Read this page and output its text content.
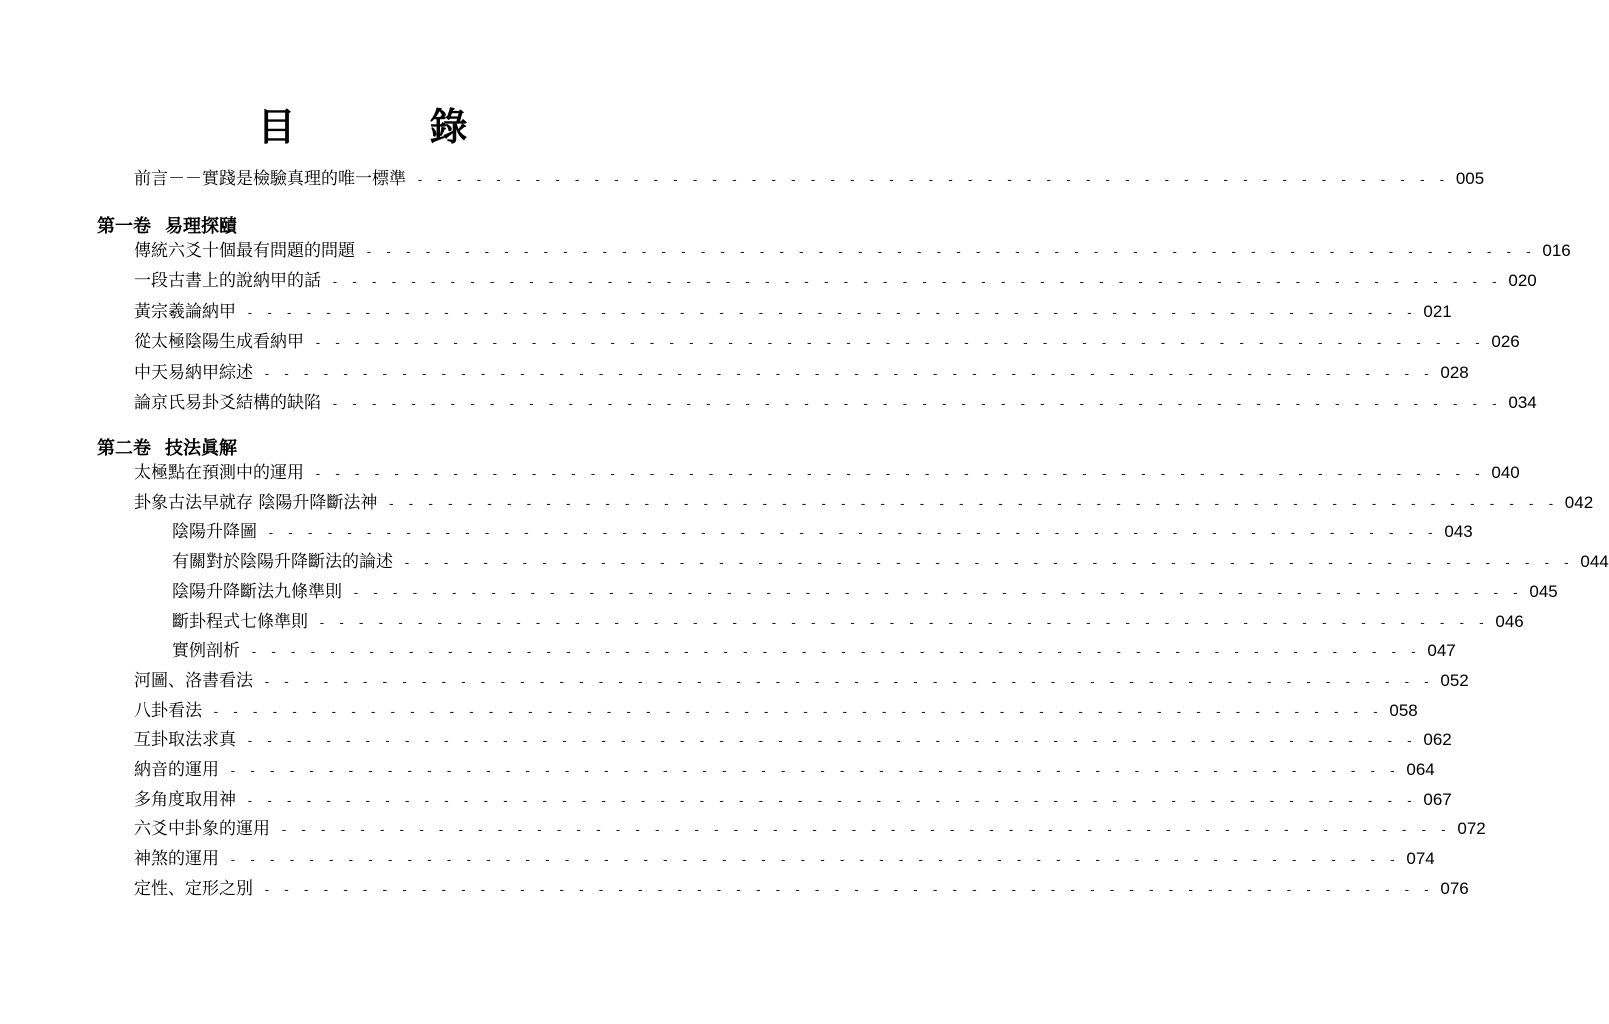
目　錄
前言－－實踐是檢驗真理的唯一標準 - - - - - - - - - - - - - - - - - - - - - - - - - - - - - - - - - - - - - - - - - - - - - - - - - - - - - 005
第一卷 易理探賾
傳統六爻十個最有問題的問題 - - - - - - - - - - - - - - - - - - - - - - - - - - - - - - - - - - - - - - - - - - - - - - - - - - - - - - - - - - - - 016
一段古書上的說納甲的話 - - - - - - - - - - - - - - - - - - - - - - - - - - - - - - - - - - - - - - - - - - - - - - - - - - - - - - - - - - - - 020
黃宗羲論納甲 - - - - - - - - - - - - - - - - - - - - - - - - - - - - - - - - - - - - - - - - - - - - - - - - - - - - - - - - - - - - 021
從太極陰陽生成看納甲 - - - - - - - - - - - - - - - - - - - - - - - - - - - - - - - - - - - - - - - - - - - - - - - - - - - - - - - - - - - - 026
中天易納甲綜述 - - - - - - - - - - - - - - - - - - - - - - - - - - - - - - - - - - - - - - - - - - - - - - - - - - - - - - - - - - - - 028
論京氏易卦爻結構的缺陷 - - - - - - - - - - - - - - - - - - - - - - - - - - - - - - - - - - - - - - - - - - - - - - - - - - - - - - - - - - - - 034
第二卷 技法眞解
太極點在預測中的運用 - - - - - - - - - - - - - - - - - - - - - - - - - - - - - - - - - - - - - - - - - - - - - - - - - - - - - - - - - - - - 040
卦象古法早就存 陰陽升降斷法神 - - - - - - - - - - - - - - - - - - - - - - - - - - - - - - - - - - - - - - - - - - - - - - - - - - - - - - - - - - - - 042
陰陽升降圖 - - - - - - - - - - - - - - - - - - - - - - - - - - - - - - - - - - - - - - - - - - - - - - - - - - - - - - - - - - - - 043
有關對於陰陽升降斷法的論述 - - - - - - - - - - - - - - - - - - - - - - - - - - - - - - - - - - - - - - - - - - - - - - - - - - - - - - - - - - - - 044
陰陽升降斷法九條準則 - - - - - - - - - - - - - - - - - - - - - - - - - - - - - - - - - - - - - - - - - - - - - - - - - - - - - - - - - - - - 045
斷卦程式七條準則 - - - - - - - - - - - - - - - - - - - - - - - - - - - - - - - - - - - - - - - - - - - - - - - - - - - - - - - - - - - - 046
實例剖析 - - - - - - - - - - - - - - - - - - - - - - - - - - - - - - - - - - - - - - - - - - - - - - - - - - - - - - - - - - - - 047
河圖、洛書看法 - - - - - - - - - - - - - - - - - - - - - - - - - - - - - - - - - - - - - - - - - - - - - - - - - - - - - - - - - - - - 052
八卦看法 - - - - - - - - - - - - - - - - - - - - - - - - - - - - - - - - - - - - - - - - - - - - - - - - - - - - - - - - - - - - 058
互卦取法求真 - - - - - - - - - - - - - - - - - - - - - - - - - - - - - - - - - - - - - - - - - - - - - - - - - - - - - - - - - - - - 062
納音的運用 - - - - - - - - - - - - - - - - - - - - - - - - - - - - - - - - - - - - - - - - - - - - - - - - - - - - - - - - - - - - 064
多角度取用神 - - - - - - - - - - - - - - - - - - - - - - - - - - - - - - - - - - - - - - - - - - - - - - - - - - - - - - - - - - - - 067
六爻中卦象的運用 - - - - - - - - - - - - - - - - - - - - - - - - - - - - - - - - - - - - - - - - - - - - - - - - - - - - - - - - - - - - 072
神煞的運用 - - - - - - - - - - - - - - - - - - - - - - - - - - - - - - - - - - - - - - - - - - - - - - - - - - - - - - - - - - - - 074
定性、定形之別 - - - - - - - - - - - - - - - - - - - - - - - - - - - - - - - - - - - - - - - - - - - - - - - - - - - - - - - - - - - - 076
